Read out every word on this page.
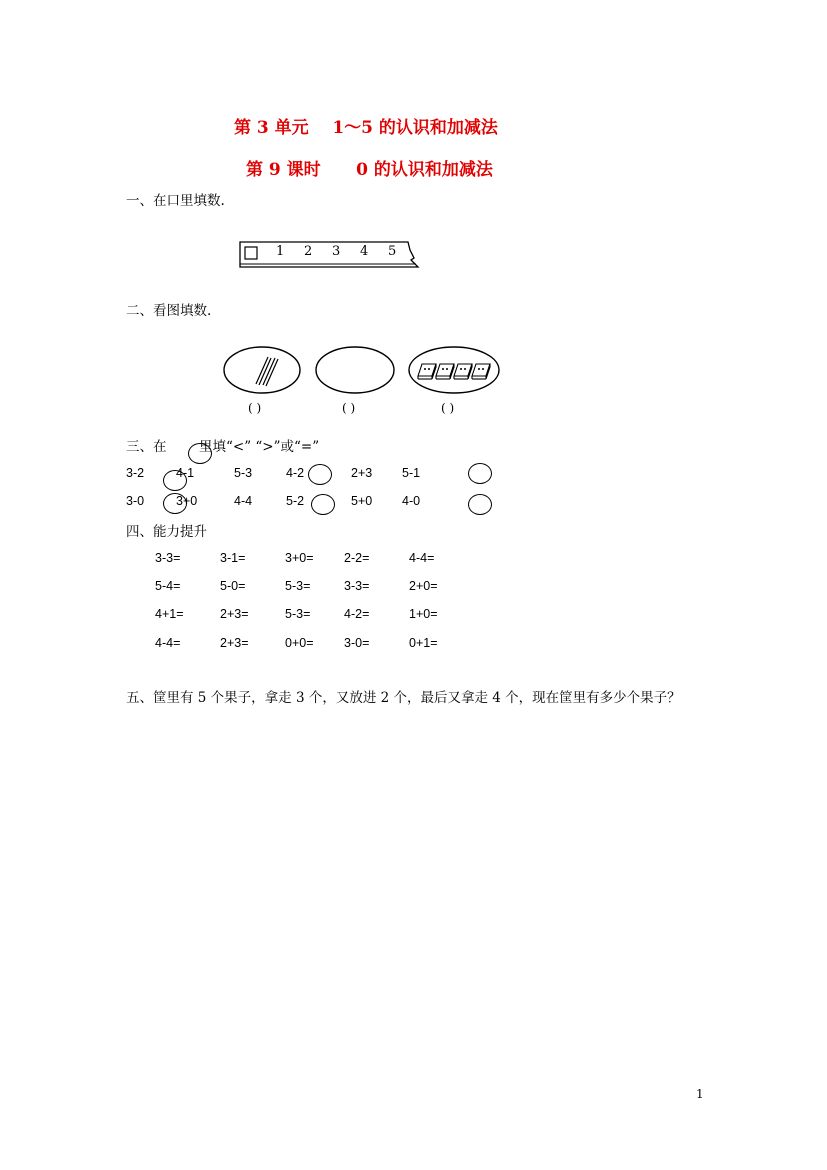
第 3 单元    1～5 的认识和加减法
第 9 课时      0 的认识和加减法
一、在口里填数.
1 2 3 4 5
二、看图填数.
( )	( )	( )
三、在 里填“<” “>”或“=”
3-2	4-1	5-3	4-2	2+3 5-1
3-0	3+0	4-4	5-2	5+0 4-0
四、能力提升
3-3=	3-1=	3+0= 2-2=	4-4=
5-4=	5-0=	5-3=	3-3=	2+0=
4+1=	2+3=	5-3=	4-2=	1+0=
4-4=	2+3=	0+0= 3-0=	0+1=
五、筐里有 5 个果子，拿走 3 个，又放进 2 个，最后又拿走 4 个，现在筐里有多少个果子？
1
